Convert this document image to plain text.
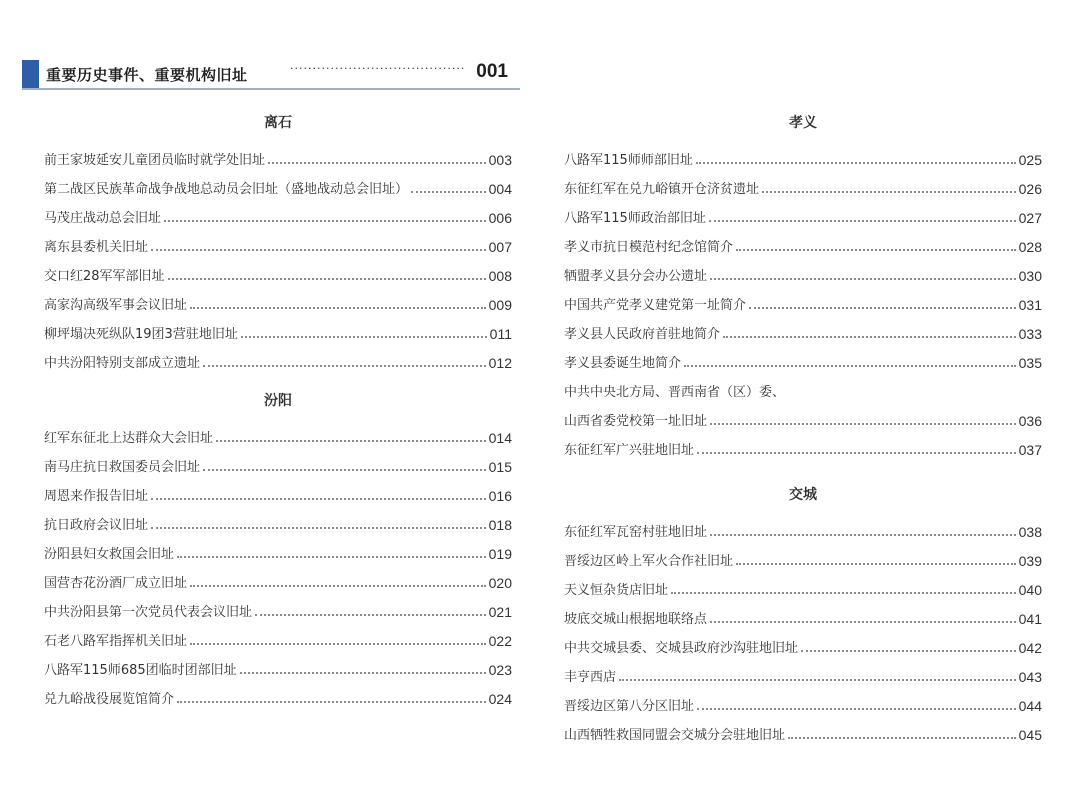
重要历史事件、重要机构旧址	······································· 001
离石
前王家坡延安儿童团员临时就学处旧址	003
第二战区民族革命战争战地总动员会旧址（盛地战动总会旧址）	004
马茂庄战动总会旧址	006
离东县委机关旧址	007
交口红28军军部旧址	008
高家沟高级军事会议旧址	009
柳坪塌决死纵队19团3营驻地旧址	011
中共汾阳特别支部成立遗址	012
汾阳
红军东征北上达群众大会旧址	014
南马庄抗日救国委员会旧址	015
周恩来作报告旧址	016
抗日政府会议旧址	018
汾阳县妇女救国会旧址	019
国营杏花汾酒厂成立旧址	020
中共汾阳县第一次党员代表会议旧址	021
石老八路军指挥机关旧址	022
八路军115师685团临时团部旧址	023
兑九峪战役展览馆简介	024
孝义
八路军115师师部旧址	025
东征红军在兑九峪镇开仓济贫遗址	026
八路军115师政治部旧址	027
孝义市抗日模范村纪念馆简介	028
牺盟孝义县分会办公遗址	030
中国共产党孝义建党第一址简介	031
孝义县人民政府首驻地简介	033
孝义县委诞生地简介	035
中共中央北方局、晋西南省（区）委、
山西省委党校第一址旧址	036
东征红军广兴驻地旧址	037
交城
东征红军瓦窑村驻地旧址	038
晋绥边区岭上军火合作社旧址	039
天义恒杂货店旧址	040
坡底交城山根据地联络点	041
中共交城县委、交城县政府沙沟驻地旧址	042
丰亨西店	043
晋绥边区第八分区旧址	044
山西牺牲救国同盟会交城分会驻地旧址	045
